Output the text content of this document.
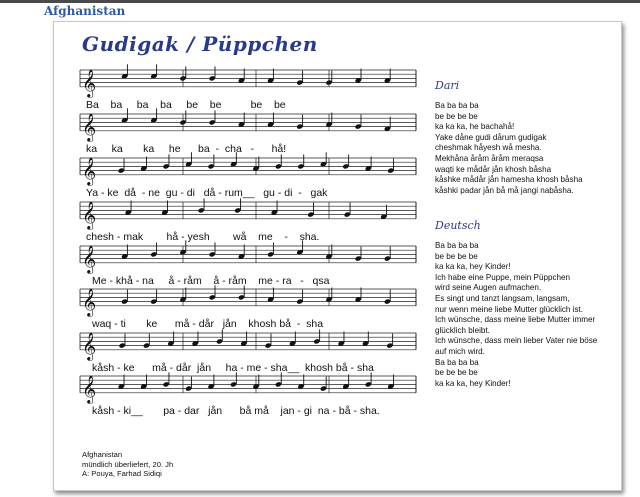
Afghanistan
Gudigak / Püppchen
𝄞
𝄞
𝄞
𝄞
𝄞
𝄞
𝄞
𝄞
Ba    ba     ba    ba     be    be          be    be
ka     ka       ka     he      ba  -  cha   -      hå!
Ya - ke  då  - ne  gu - di   då - rum__   gu - di  -   gak
chesh - mak        hå - yesh        wå    me    -    sha.
Me - khå - na     å - råm    å - råm    me - ra   -   qsa
waq - ti       ke      må - dår   jån    khosh bå  -  sha
kåsh - ke      må - dår  jån     ha - me - sha__  khosh bå - sha
kåsh - ki__       pa - dar   jån      bå må    jan - gi  na - bå - sha.
Dari
Ba ba ba ba
be be be be
ka ka ka, he bachahå!
Yake dåne gudi dårum gudigak
cheshmak håyesh wå mesha.
Mekhåna åråm åråm meraqsa
waqti ke mådår jån khosh båsha
kåshke mådår jån hamesha khosh båsha
kåshki padar jån bå må jangi nabåsha.
Deutsch
Ba ba ba ba
be be be be
ka ka ka, hey Kinder!
Ich habe eine Puppe, mein Püppchen
wird seine Augen aufmachen.
Es singt und tanzt langsam, langsam,
nur wenn meine liebe Mutter glücklich ist.
Ich wünsche, dass meine liebe Mutter immer
glücklich bleibt.
Ich wünsche, dass mein lieber Vater nie böse
auf mich wird.
Ba ba ba ba
be be be be
ka ka ka, hey Kinder!
Afghanistan
mündlich überliefert, 20. Jh
A: Pouya, Farhad Sidiqi
